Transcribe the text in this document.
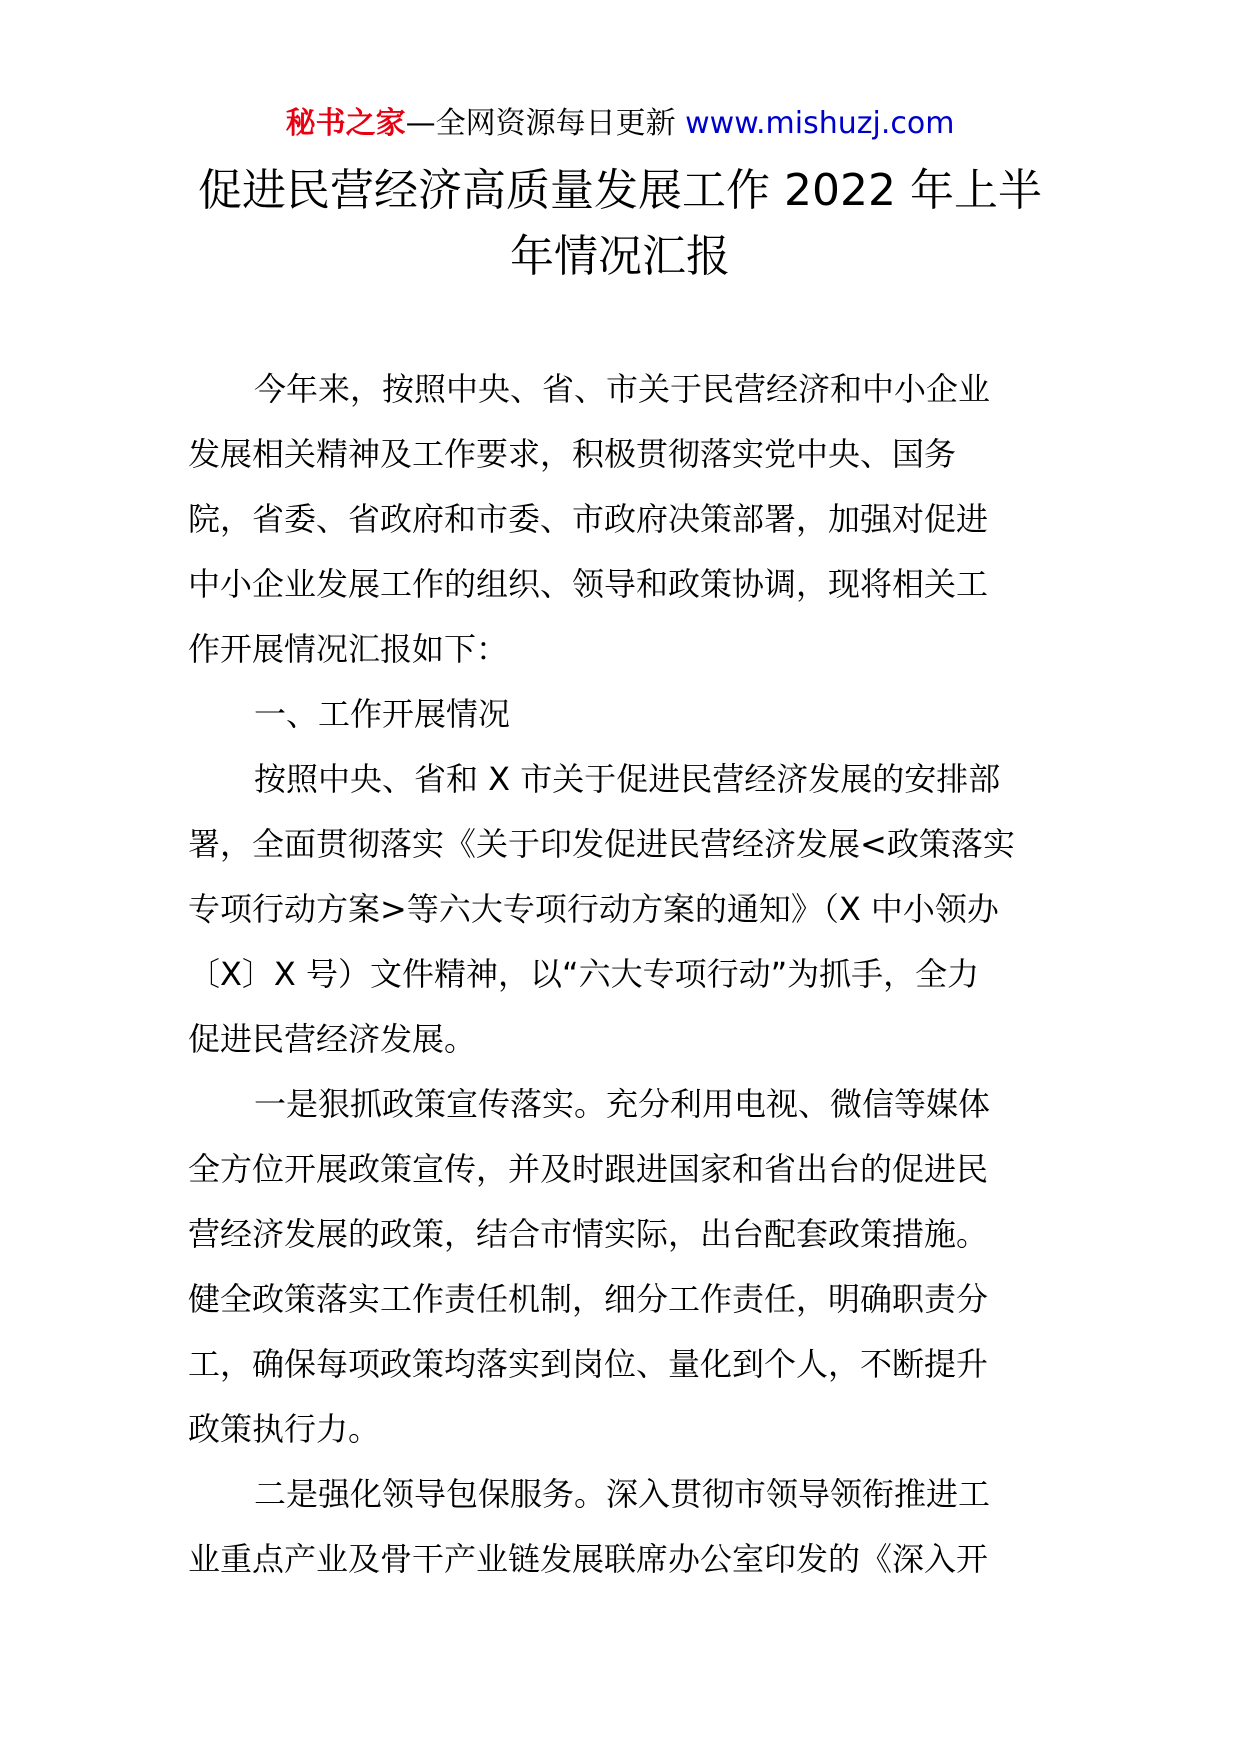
秘书之家—全网资源每日更新 www.mishuzj.com
促进民营经济高质量发展工作 2022 年上半
年情况汇报
今年来，按照中央、省、市关于民营经济和中小企业
发展相关精神及工作要求，积极贯彻落实党中央、国务
院，省委、省政府和市委、市政府决策部署，加强对促进
中小企业发展工作的组织、领导和政策协调，现将相关工
作开展情况汇报如下：
一、工作开展情况
按照中央、省和 X 市关于促进民营经济发展的安排部
署，全面贯彻落实《关于印发促进民营经济发展<政策落实
专项行动方案>等六大专项行动方案的通知》（X 中小领办
〔X〕X 号）文件精神，以“六大专项行动”为抓手，全力
促进民营经济发展。
一是狠抓政策宣传落实。充分利用电视、微信等媒体
全方位开展政策宣传，并及时跟进国家和省出台的促进民
营经济发展的政策，结合市情实际，出台配套政策措施。
健全政策落实工作责任机制，细分工作责任，明确职责分
工，确保每项政策均落实到岗位、量化到个人，不断提升
政策执行力。
二是强化领导包保服务。深入贯彻市领导领衔推进工
业重点产业及骨干产业链发展联席办公室印发的《深入开
